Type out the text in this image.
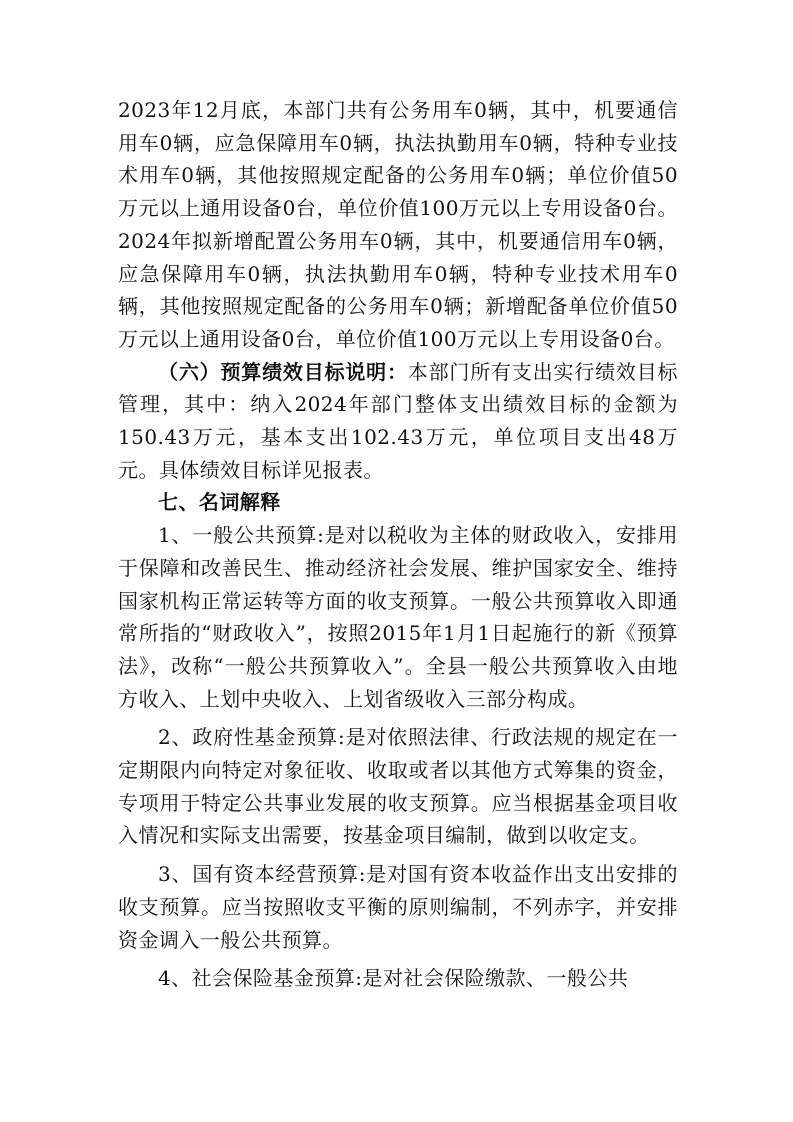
2023年12月底，本部门共有公务用车0辆，其中，机要通信用车0辆，应急保障用车0辆，执法执勤用车0辆，特种专业技术用车0辆，其他按照规定配备的公务用车0辆；单位价值50万元以上通用设备0台，单位价值100万元以上专用设备0台。2024年拟新增配置公务用车0辆，其中，机要通信用车0辆，应急保障用车0辆，执法执勤用车0辆，特种专业技术用车0辆，其他按照规定配备的公务用车0辆；新增配备单位价值50万元以上通用设备0台，单位价值100万元以上专用设备0台。

（六）预算绩效目标说明：本部门所有支出实行绩效目标管理，其中：纳入2024年部门整体支出绩效目标的金额为150.43万元，基本支出102.43万元，单位项目支出48万元。具体绩效目标详见报表。

七、名词解释

1、一般公共预算:是对以税收为主体的财政收入，安排用于保障和改善民生、推动经济社会发展、维护国家安全、维持国家机构正常运转等方面的收支预算。一般公共预算收入即通常所指的“财政收入”，按照2015年1月1日起施行的新《预算法》，改称“一般公共预算收入”。全县一般公共预算收入由地方收入、上划中央收入、上划省级收入三部分构成。

2、政府性基金预算:是对依照法律、行政法规的规定在一定期限内向特定对象征收、收取或者以其他方式筹集的资金，专项用于特定公共事业发展的收支预算。应当根据基金项目收入情况和实际支出需要，按基金项目编制，做到以收定支。

3、国有资本经营预算:是对国有资本收益作出支出安排的收支预算。应当按照收支平衡的原则编制，不列赤字，并安排资金调入一般公共预算。

4、社会保险基金预算:是对社会保险缴款、一般公共
